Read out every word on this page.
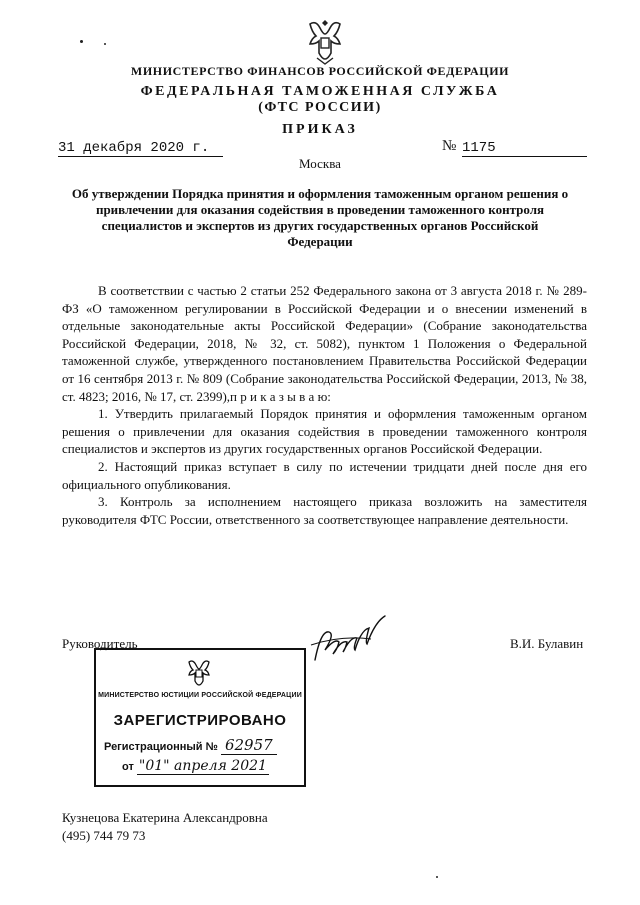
МИНИСТЕРСТВО ФИНАНСОВ РОССИЙСКОЙ ФЕДЕРАЦИИ
ФЕДЕРАЛЬНАЯ ТАМОЖЕННАЯ СЛУЖБА
(ФТС РОССИИ)
ПРИКАЗ
31 декабря 2020 г.	№ 1175
Москва
Об утверждении Порядка принятия и оформления таможенным органом решения о привлечении для оказания содействия в проведении таможенного контроля специалистов и экспертов из других государственных органов Российской Федерации

В соответствии с частью 2 статьи 252 Федерального закона от 3 августа 2018 г. № 289-ФЗ «О таможенном регулировании в Российской Федерации и о внесении изменений в отдельные законодательные акты Российской Федерации» (Собрание законодательства Российской Федерации, 2018, № 32, ст. 5082), пунктом 1 Положения о Федеральной таможенной службе, утвержденного постановлением Правительства Российской Федерации от 16 сентября 2013 г. № 809 (Собрание законодательства Российской Федерации, 2013, № 38, ст. 4823; 2016, № 17, ст. 2399),п р и к а з ы в а ю:

1. Утвердить прилагаемый Порядок принятия и оформления таможенным органом решения о привлечении для оказания содействия в проведении таможенного контроля специалистов и экспертов из других государственных органов Российской Федерации.

2. Настоящий приказ вступает в силу по истечении тридцати дней после дня его официального опубликования.

3. Контроль за исполнением настоящего приказа возложить на заместителя руководителя ФТС России, ответственного за соответствующее направление деятельности.

Руководитель	В.И. Булавин
МИНИСТЕРСТВО ЮСТИЦИИ РОССИЙСКОЙ ФЕДЕРАЦИИ
ЗАРЕГИСТРИРОВАНО
Регистрационный № 62957
от "01" апреля 2021
Кузнецова Екатерина Александровна
(495) 744 79 73
